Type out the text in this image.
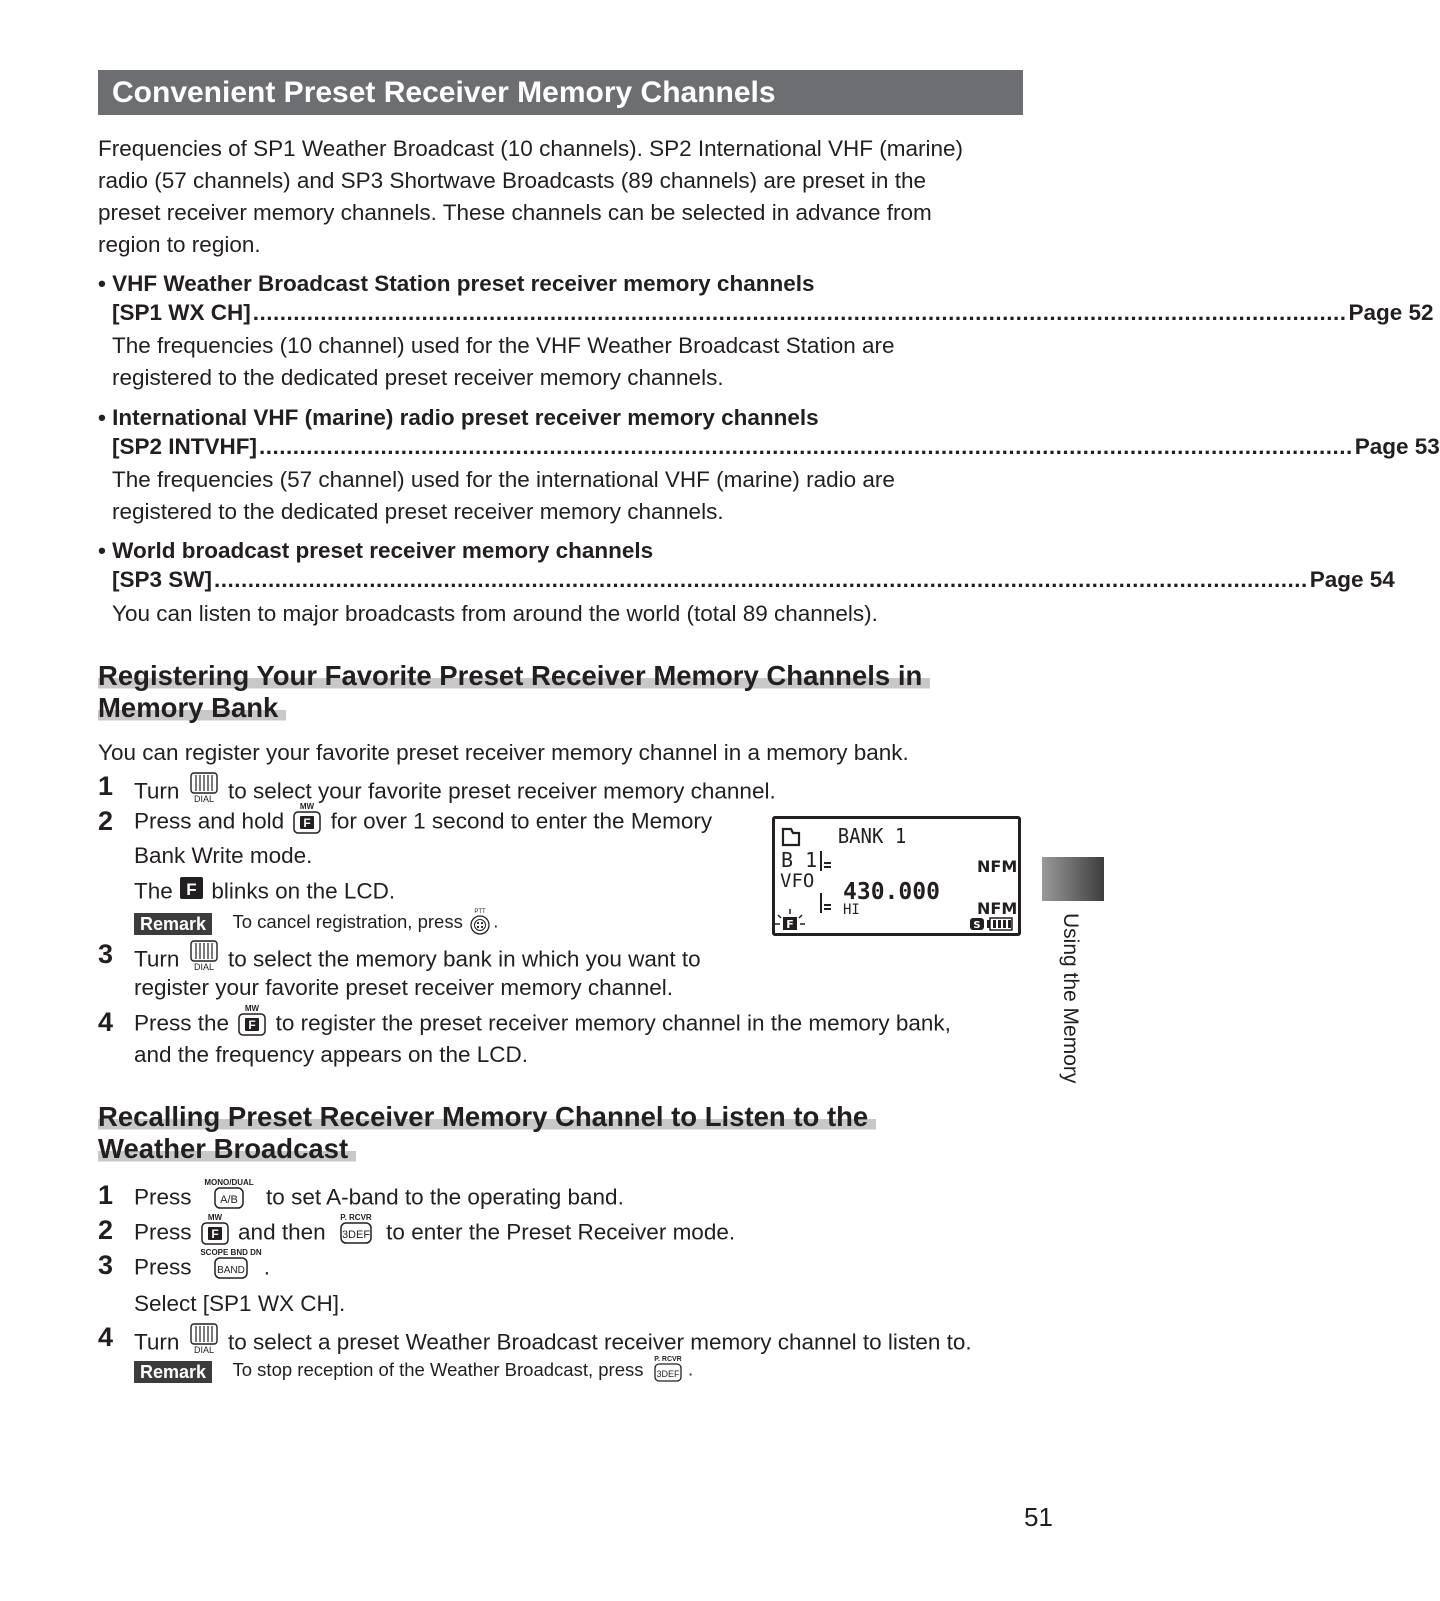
Convenient Preset Receiver Memory Channels
Frequencies of SP1 Weather Broadcast (10 channels). SP2 International VHF (marine)
radio (57 channels) and SP3 Shortwave Broadcasts (89 channels) are preset in the
preset receiver memory channels. These channels can be selected in advance from
region to region.
• VHF Weather Broadcast Station preset receiver memory channels
[SP1 WX CH] .................................................................................................................................................................. Page 52
The frequencies (10 channel) used for the VHF Weather Broadcast Station are
registered to the dedicated preset receiver memory channels.
• International VHF (marine) radio preset receiver memory channels
[SP2 INTVHF] .................................................................................................................................................................. Page 53
The frequencies (57 channel) used for the international VHF (marine) radio are
registered to the dedicated preset receiver memory channels.
• World broadcast preset receiver memory channels
[SP3 SW] .................................................................................................................................................................. Page 54
You can listen to major broadcasts from around the world (total 89 channels).
Registering Your Favorite Preset Receiver Memory Channels in
Memory Bank
You can register your favorite preset receiver memory channel in a memory bank.
1 Turn DIAL to select your favorite preset receiver memory channel.
2 Press and hold
MW
F for over 1 second to enter the Memory
Bank Write mode.
The F blinks on the LCD.
Remark To cancel registration, press PTT .
BANK 1
B 1	NFM
VFO 430.000
HI	NFM
F	S
3 Turn DIAL to select the memory bank in which you want to
register your favorite preset receiver memory channel.
4 Press the
MW
F to register the preset receiver memory channel in the memory bank,
and the frequency appears on the LCD.
Recalling Preset Receiver Memory Channel to Listen to the
Weather Broadcast
1 Press
MONO/DUAL
A/B to set A-band to the operating band.
2 Press
MW
F and then
P. RCVR
3DEF to enter the Preset Receiver mode.
3 Press
SCOPE BND DN
BAND .
Select [SP1 WX CH].
4 Turn DIAL to select a preset Weather Broadcast receiver memory channel to listen to.
Remark To stop reception of the Weather Broadcast, press P. RCVR
3DEF .
Using the Memory
51
